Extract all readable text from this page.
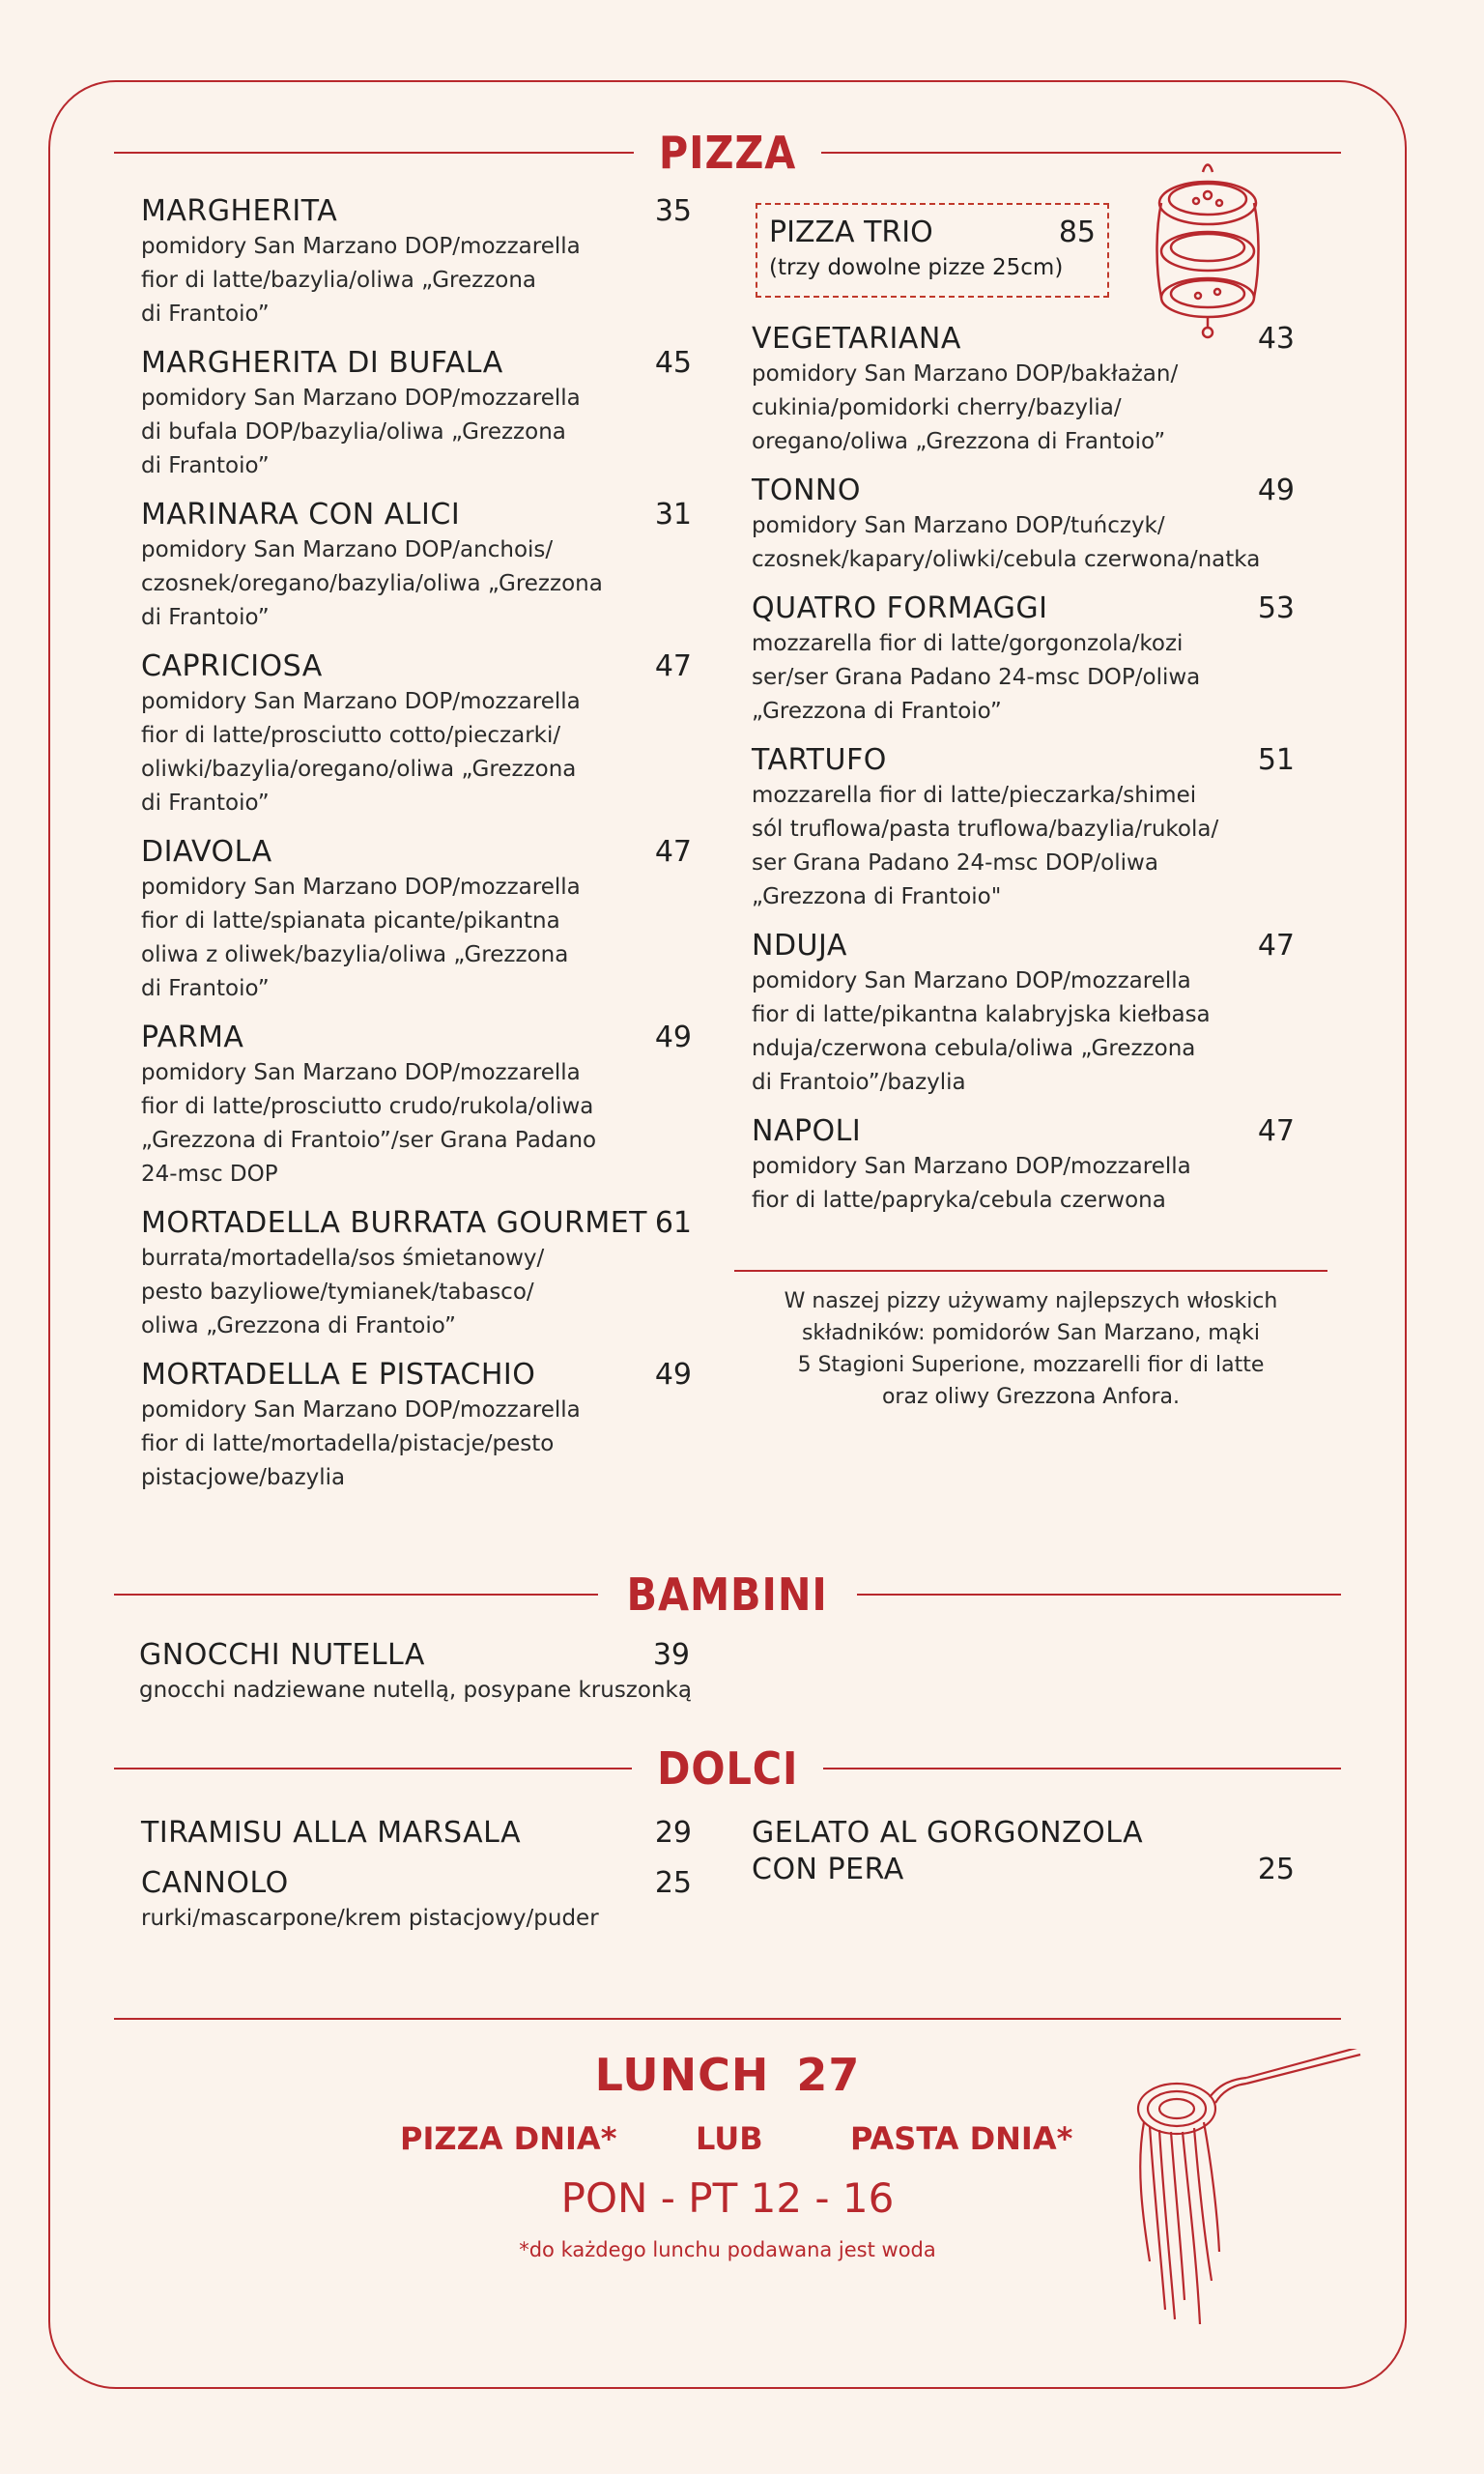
PIZZA
MARGHERITA	35
pomidory San Marzano DOP/mozzarella
fior di latte/bazylia/oliwa „Grezzona
di Frantoio”
MARGHERITA DI BUFALA	45
pomidory San Marzano DOP/mozzarella
di bufala DOP/bazylia/oliwa „Grezzona
di Frantoio”
MARINARA CON ALICI	31
pomidory San Marzano DOP/anchois/
czosnek/oregano/bazylia/oliwa „Grezzona
di Frantoio”
CAPRICIOSA	47
pomidory San Marzano DOP/mozzarella
fior di latte/prosciutto cotto/pieczarki/
oliwki/bazylia/oregano/oliwa „Grezzona
di Frantoio”
DIAVOLA	47
pomidory San Marzano DOP/mozzarella
fior di latte/spianata picante/pikantna
oliwa z oliwek/bazylia/oliwa „Grezzona
di Frantoio”
PARMA	49
pomidory San Marzano DOP/mozzarella
fior di latte/prosciutto crudo/rukola/oliwa
„Grezzona di Frantoio”/ser Grana Padano
24-msc DOP
MORTADELLA BURRATA GOURMET 61
burrata/mortadella/sos śmietanowy/
pesto bazyliowe/tymianek/tabasco/
oliwa „Grezzona di Frantoio”
MORTADELLA E PISTACHIO	49
pomidory San Marzano DOP/mozzarella
fior di latte/mortadella/pistacje/pesto
pistacjowe/bazylia
PIZZA TRIO	85
(trzy dowolne pizze 25cm)
VEGETARIANA	43
pomidory San Marzano DOP/bakłażan/
cukinia/pomidorki cherry/bazylia/
oregano/oliwa „Grezzona di Frantoio”
TONNO	49
pomidory San Marzano DOP/tuńczyk/
czosnek/kapary/oliwki/cebula czerwona/natka
QUATRO FORMAGGI	53
mozzarella fior di latte/gorgonzola/kozi
ser/ser Grana Padano 24-msc DOP/oliwa
„Grezzona di Frantoio”
TARTUFO	51
mozzarella fior di latte/pieczarka/shimei
sól truflowa/pasta truflowa/bazylia/rukola/
ser Grana Padano 24-msc DOP/oliwa
„Grezzona di Frantoio"
NDUJA	47
pomidory San Marzano DOP/mozzarella
fior di latte/pikantna kalabryjska kiełbasa
nduja/czerwona cebula/oliwa „Grezzona
di Frantoio”/bazylia
NAPOLI	47
pomidory San Marzano DOP/mozzarella
fior di latte/papryka/cebula czerwona
W naszej pizzy używamy najlepszych włoskich
składników: pomidorów San Marzano, mąki
5 Stagioni Superione, mozzarelli fior di latte
oraz oliwy Grezzona Anfora.
BAMBINI
GNOCCHI NUTELLA	39
gnocchi nadziewane nutellą, posypane kruszonką
DOLCI
TIRAMISU ALLA MARSALA	29
CANNOLO	25
rurki/mascarpone/krem pistacjowy/puder
GELATO AL GORGONZOLA
CON PERA	25
LUNCH 27
PIZZA DNIA*	LUB	PASTA DNIA*
PON - PT 12 - 16
*do każdego lunchu podawana jest woda
